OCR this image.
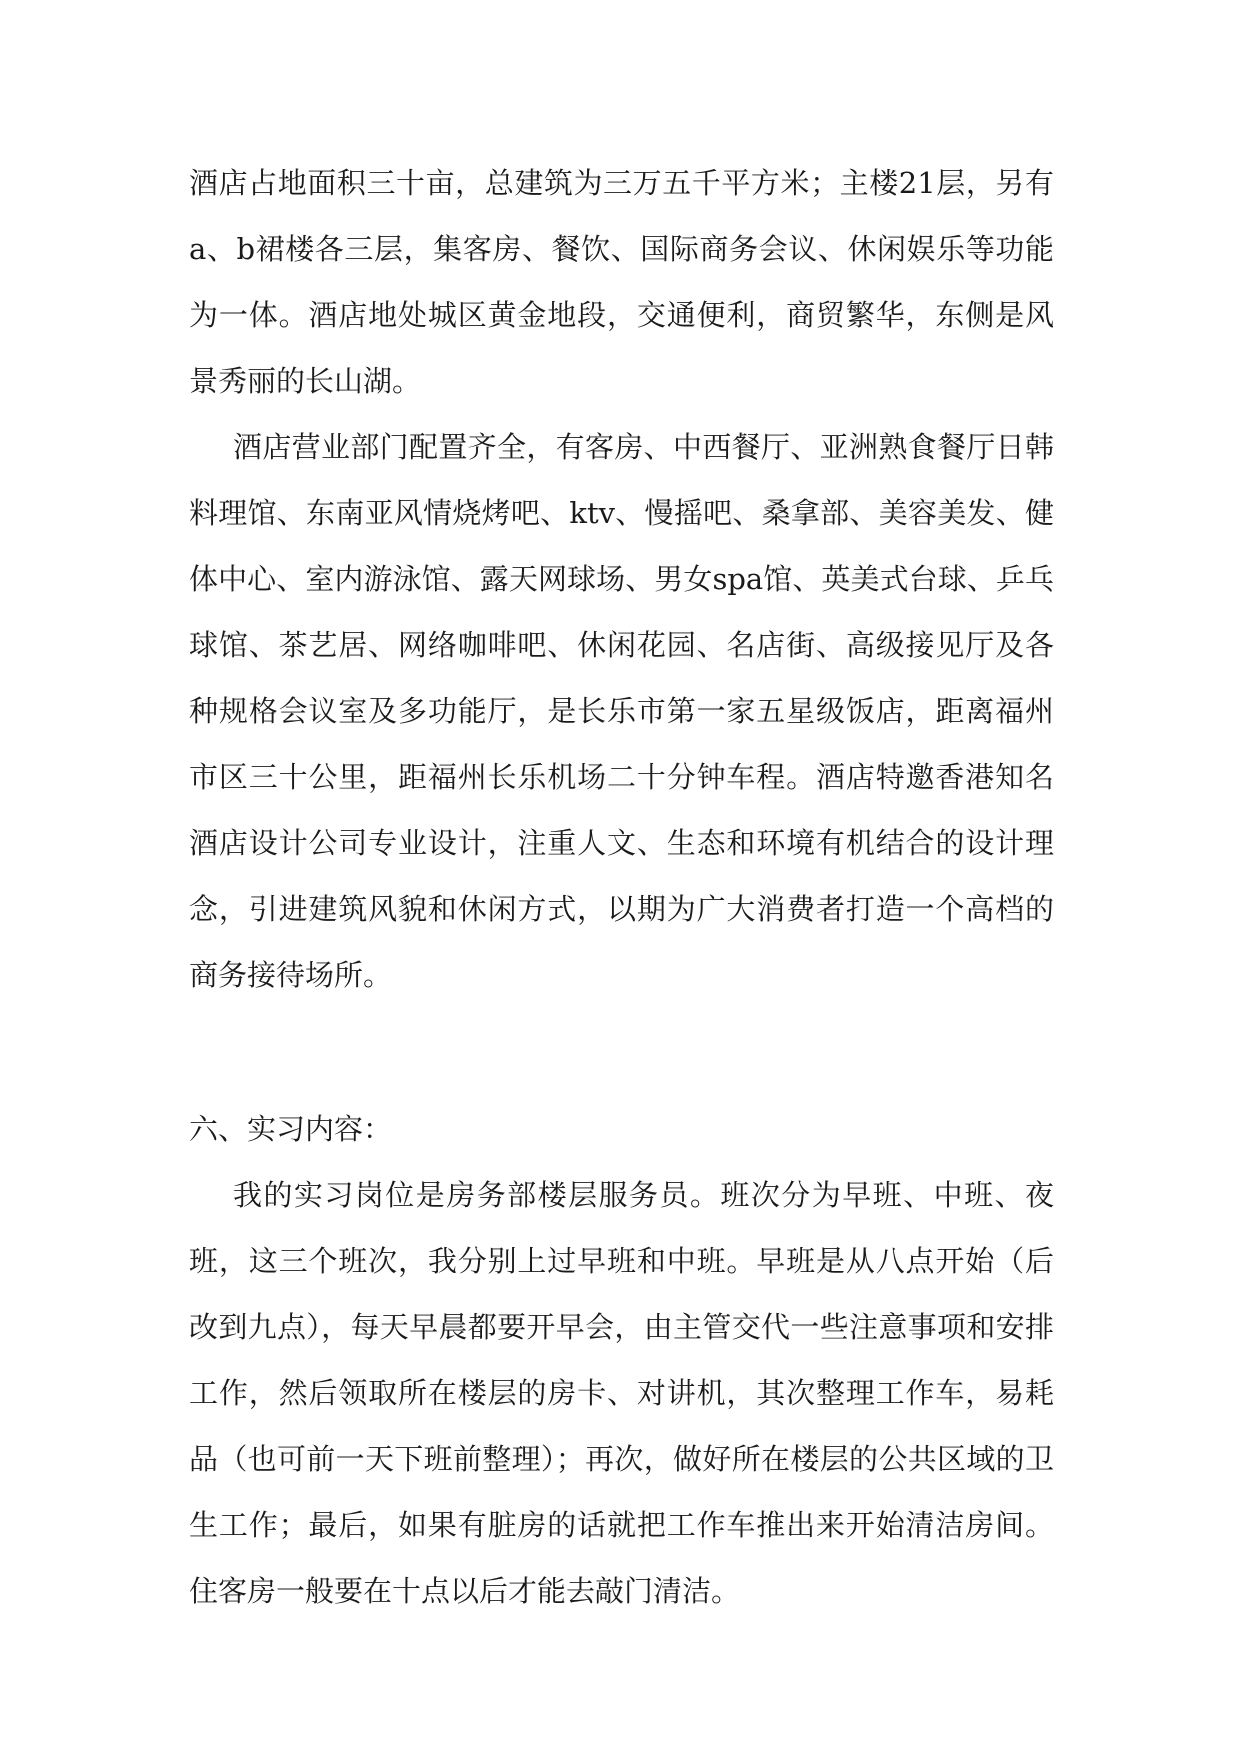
酒店占地面积三十亩，总建筑为三万五千平方米；主楼21层，另有a、b裙楼各三层，集客房、餐饮、国际商务会议、休闲娱乐等功能为一体。酒店地处城区黄金地段，交通便利，商贸繁华，东侧是风景秀丽的长山湖。

酒店营业部门配置齐全，有客房、中西餐厅、亚洲熟食餐厅日韩料理馆、东南亚风情烧烤吧、ktv、慢摇吧、桑拿部、美容美发、健体中心、室内游泳馆、露天网球场、男女spa馆、英美式台球、乒乓球馆、茶艺居、网络咖啡吧、休闲花园、名店街、高级接见厅及各种规格会议室及多功能厅，是长乐市第一家五星级饭店，距离福州市区三十公里，距福州长乐机场二十分钟车程。酒店特邀香港知名酒店设计公司专业设计，注重人文、生态和环境有机结合的设计理念，引进建筑风貌和休闲方式，以期为广大消费者打造一个高档的商务接待场所。

六、实习内容：

我的实习岗位是房务部楼层服务员。班次分为早班、中班、夜班，这三个班次，我分别上过早班和中班。早班是从八点开始（后改到九点），每天早晨都要开早会，由主管交代一些注意事项和安排工作，然后领取所在楼层的房卡、对讲机，其次整理工作车，易耗品（也可前一天下班前整理）；再次，做好所在楼层的公共区域的卫生工作；最后，如果有脏房的话就把工作车推出来开始清洁房间。住客房一般要在十点以后才能去敲门清洁。
